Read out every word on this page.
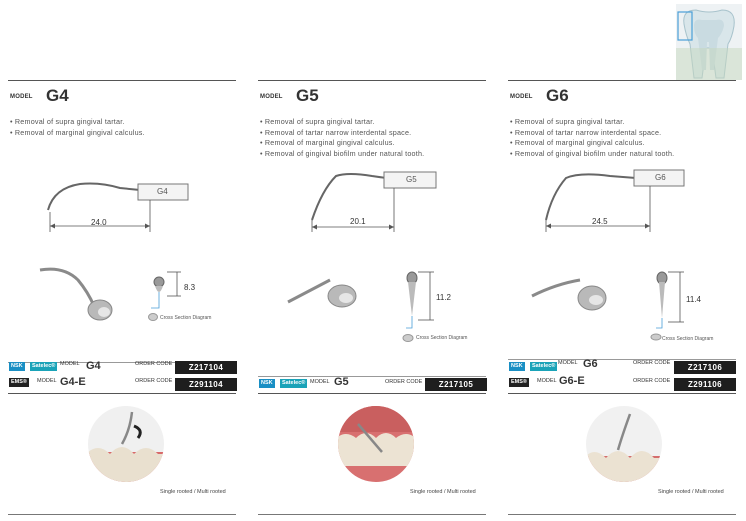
MODEL G4
• Removal of supra gingival tartar.
• Removal of marginal gingival calculus.
G4
24.0
8.3
Cross Section Diagram
NSK	Satelec® MODEL G4	ORDER CODE	Z217104
EMS®	MODEL G4-E	ORDER CODE	Z291104
Single rooted / Multi rooted
MODEL G5
• Removal of supra gingival tartar.
• Removal of tartar narrow interdental space.
• Removal of marginal gingival calculus.
• Removal of gingival biofilm under natural tooth.
G5
20.1
11.2
Cross Section Diagram
NSK	Satelec® MODEL G5	ORDER CODE	Z217105
Single rooted / Multi rooted
MODEL G6
• Removal of supra gingival tartar.
• Removal of tartar narrow interdental space.
• Removal of marginal gingival calculus.
• Removal of gingival biofilm under natural tooth.
G6
24.5
11.4
Cross Section Diagram
NSK	Satelec® MODEL G6	ORDER CODE	Z217106
EMS®	MODEL G6-E	ORDER CODE	Z291106
Single rooted / Multi rooted
